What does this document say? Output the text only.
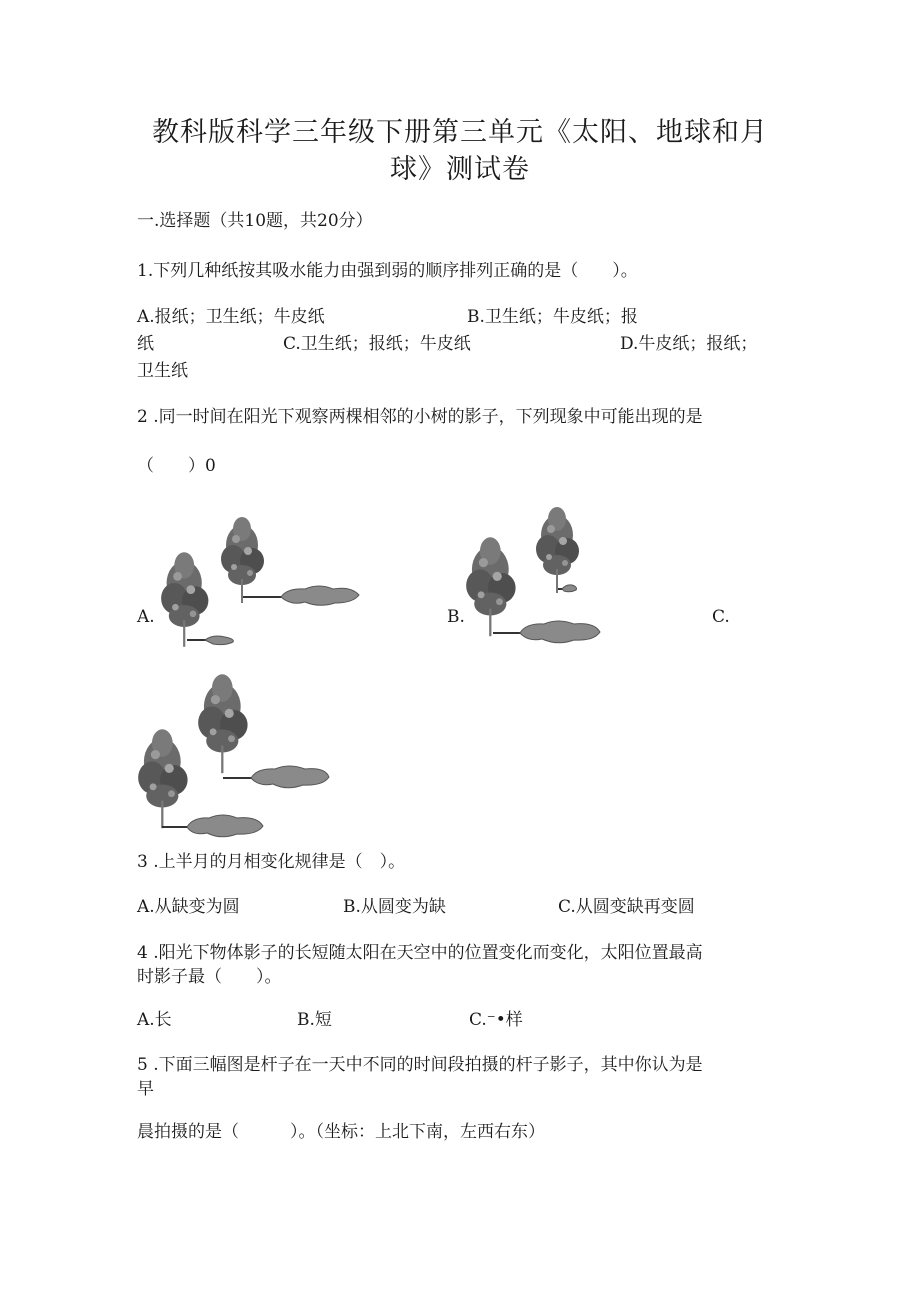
教科版科学三年级下册第三单元《太阳、地球和月
球》测试卷
一.选择题（共10题，共20分）
1.下列几种纸按其吸水能力由强到弱的顺序排列正确的是（　　）。
A.报纸；卫生纸；牛皮纸	B.卫生纸；牛皮纸；报
纸	C.卫生纸；报纸；牛皮纸	D.牛皮纸；报纸；
卫生纸
2 .同一时间在阳光下观察两棵相邻的小树的影子，下列现象中可能出现的是
（　　）0
A.	B.	C.
3 .上半月的月相变化规律是（　）。
A.从缺变为圆	B.从圆变为缺	C.从圆变缺再变圆
4 .阳光下物体影子的长短随太阳在天空中的位置变化而变化，太阳位置最高
时影子最（　　）。
A.长	B.短	C.⁻•样
5 .下面三幅图是杆子在一天中不同的时间段拍摄的杆子影子，其中你认为是
早
晨拍摄的是（　　　）。（坐标：上北下南，左西右东）
